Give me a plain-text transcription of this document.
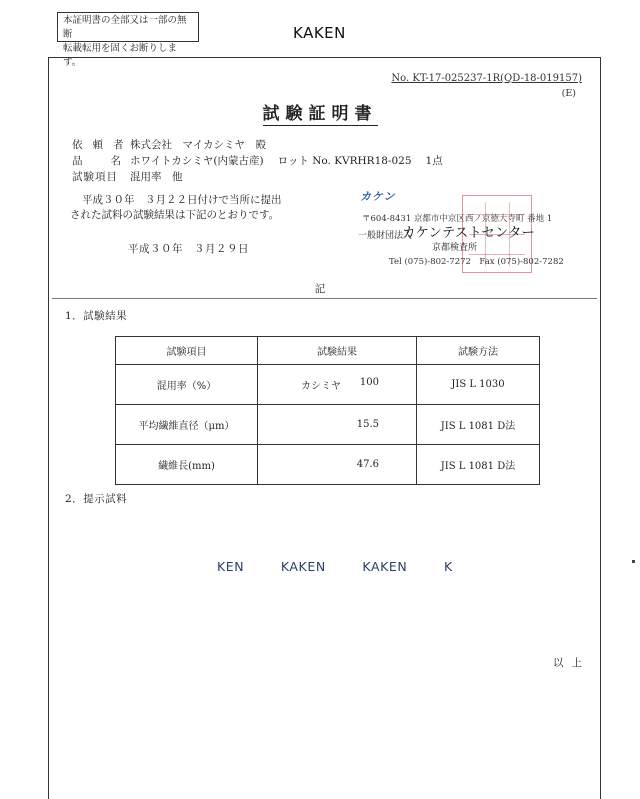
本証明書の全部又は一部の無断
転載転用を固くお断りします。
KAKEN
No. KT-17-025237-1R(QD-18-019157)
(E)
試験証明書
依頼者
株式会社　マイカシミヤ　殿
品名
ホワイトカシミヤ(内蒙古産) ロット No. KVRHR18-025 1点
試験項目	混用率　他
平成３０年　３月２２日付けで当所に提出
された試料の試験結果は下記のとおりです。
平成３０年　３月２９日
カケン
〒604-8431 京都市中京区西ノ京徳大寺町 番地 1
一般財団法人
カケンテストセンター
京都検査所
Tel (075)-802-7272　Fax (075)-802-7282
記
1．試験結果
試験項目	試験結果	試験方法
混用率（%）	カシミヤ 100	JIS L 1030
平均繊維直径（μm）	15.5	JIS L 1081 D法
繊維長(mm)	47.6	JIS L 1081 D法
2．提示試料
KEN	KAKEN	KAKEN	K
以上
